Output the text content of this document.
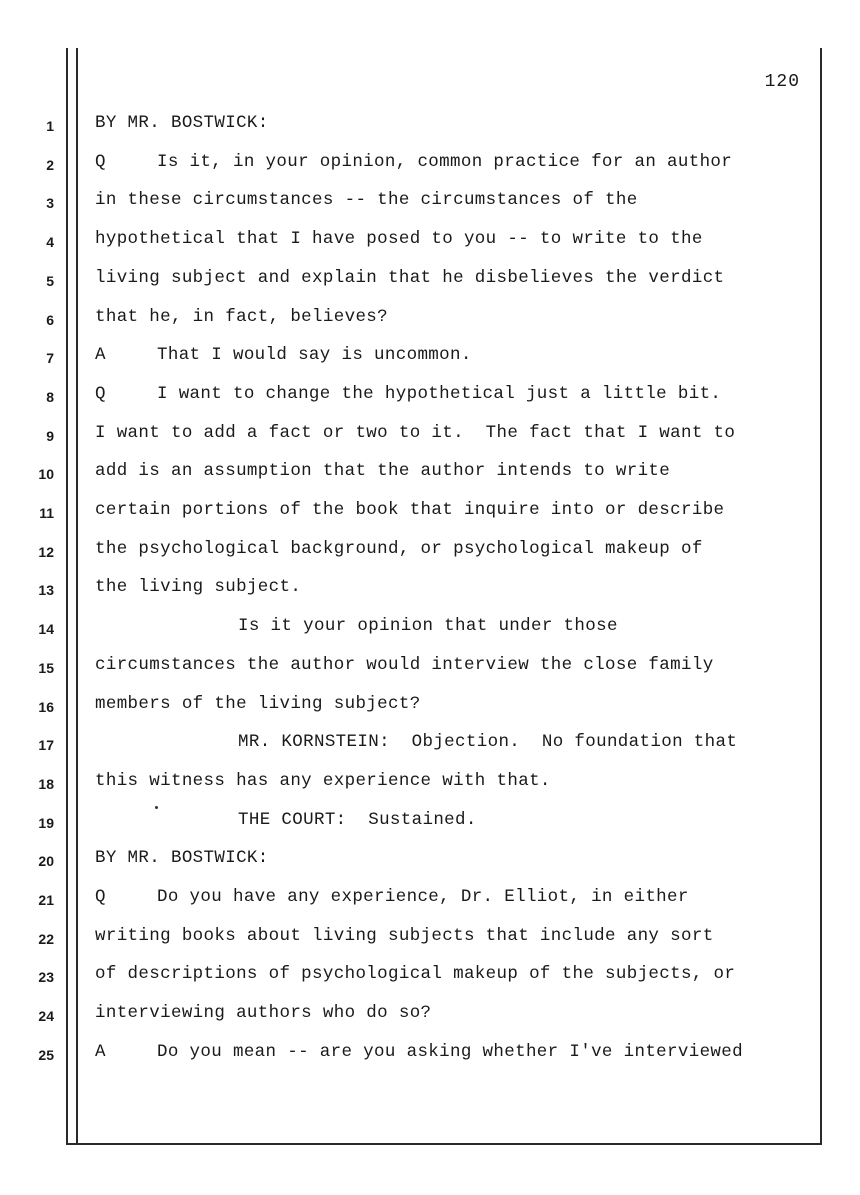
120
1
2
3
4
5
6
7
8
9
10
11
12
13
14
15
16
17
18
19
20
21
22
23
24
25
BY MR. BOSTWICK:
Q	Is it, in your opinion, common practice for an author
in these circumstances -- the circumstances of the
hypothetical that I have posed to you -- to write to the
living subject and explain that he disbelieves the verdict
that he, in fact, believes?
A	That I would say is uncommon.
Q	I want to change the hypothetical just a little bit.
I want to add a fact or two to it.  The fact that I want to
add is an assumption that the author intends to write
certain portions of the book that inquire into or describe
the psychological background, or psychological makeup of
the living subject.
Is it your opinion that under those
circumstances the author would interview the close family
members of the living subject?
MR. KORNSTEIN:  Objection.  No foundation that
this witness has any experience with that.
THE COURT:  Sustained.
BY MR. BOSTWICK:
Q	Do you have any experience, Dr. Elliot, in either
writing books about living subjects that include any sort
of descriptions of psychological makeup of the subjects, or
interviewing authors who do so?
A	Do you mean -- are you asking whether I've interviewed
